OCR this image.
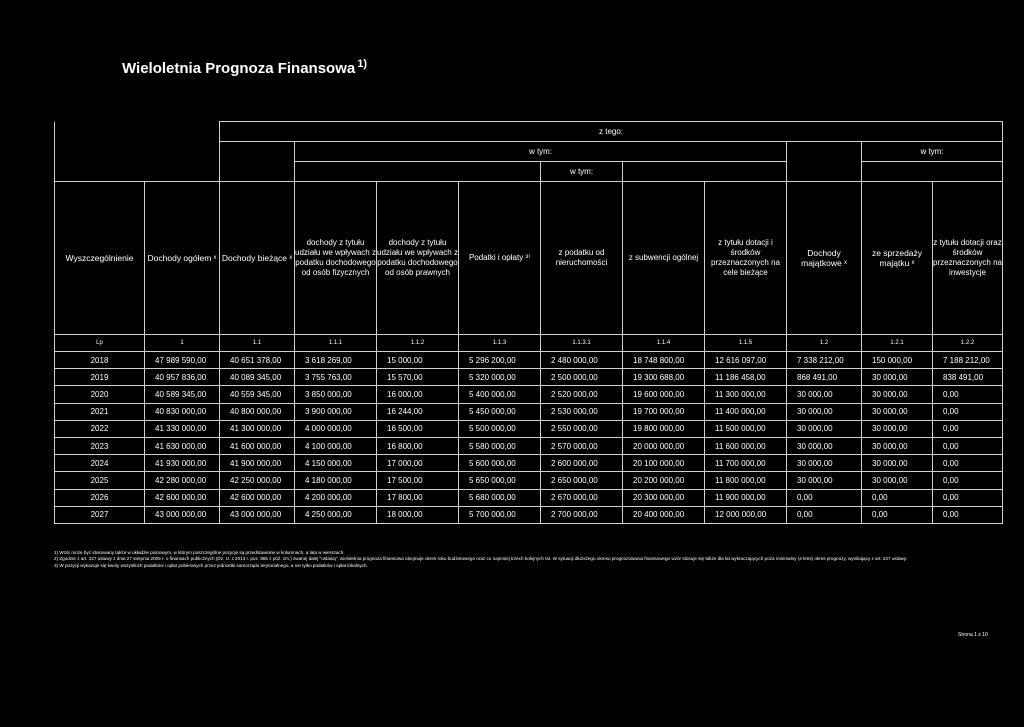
Wieloletnia Prognoza Finansowa $^{1)}$
		z tego:									
			w tym:							w tym:	
						w tym:					
Wyszczególnienie	Dochody ogółem ˣ	Dochody bieżące ˣ	dochody z tytułu udziału we wpływach z podatku dochodowego od osób fizycznych	dochody z tytułu udziału we wpływach z podatku dochodowego od osób prawnych	Podatki i opłaty ³⁾	z podatku od nieruchomości	z subwencji ogólnej	z tytułu dotacji i środków przeznaczonych na cele bieżące	Dochody majątkowe ˣ	ze sprzedaży majątku ˣ	z tytułu dotacji oraz środków przeznaczonych na inwestycje
Lp	1	1.1	1.1.1	1.1.2	1.1.3	1.1.3.1	1.1.4	1.1.5	1.2	1.2.1	1.2.2
2018	47 989 590,00	40 651 378,00	3 618 269,00	15 000,00	5 296 200,00	2 480 000,00	18 748 800,00	12 616 097,00	7 338 212,00	150 000,00	7 188 212,00
2019	40 957 836,00	40 089 345,00	3 755 763,00	15 570,00	5 320 000,00	2 500 000,00	19 300 688,00	11 186 458,00	868 491,00	30 000,00	838 491,00
2020	40 589 345,00	40 559 345,00	3 850 000,00	16 000,00	5 400 000,00	2 520 000,00	19 600 000,00	11 300 000,00	30 000,00	30 000,00	0,00
2021	40 830 000,00	40 800 000,00	3 900 000,00	16 244,00	5 450 000,00	2 530 000,00	19 700 000,00	11 400 000,00	30 000,00	30 000,00	0,00
2022	41 330 000,00	41 300 000,00	4 000 000,00	16 500,00	5 500 000,00	2 550 000,00	19 800 000,00	11 500 000,00	30 000,00	30 000,00	0,00
2023	41 630 000,00	41 600 000,00	4 100 000,00	16 800,00	5 580 000,00	2 570 000,00	20 000 000,00	11 600 000,00	30 000,00	30 000,00	0,00
2024	41 930 000,00	41 900 000,00	4 150 000,00	17 000,00	5 600 000,00	2 600 000,00	20 100 000,00	11 700 000,00	30 000,00	30 000,00	0,00
2025	42 280 000,00	42 250 000,00	4 180 000,00	17 500,00	5 650 000,00	2 650 000,00	20 200 000,00	11 800 000,00	30 000,00	30 000,00	0,00
2026	42 600 000,00	42 600 000,00	4 200 000,00	17 800,00	5 680 000,00	2 670 000,00	20 300 000,00	11 900 000,00	0,00	0,00	0,00
2027	43 000 000,00	43 000 000,00	4 250 000,00	18 000,00	5 700 000,00	2 700 000,00	20 400 000,00	12 000 000,00	0,00	0,00	0,00

1) Wzór może być stosowany także w układzie pionowym, w którym poszczególne pozycje są przedstawione w kolumnach, a lata w wierszach.

2) Zgodnie z art. 227 ustawy z dnia 27 sierpnia 2009 r. o finansach publicznych (Dz. U. z 2013 r. poz. 885 z póź. zm.) zwanej dalej "ustawą", wieloletnia prognoza finansowa obejmuje okres roku budżetowego oraz co najmniej trzech kolejnych lat. W sytuacji dłuższego okresu prognozowania finansowego wzór stosuje się także dla lat wykraczających poza minimalny (4 letni) okres prognozy, wynikający z art. 227 ustawy.

3) W pozycji wykazuje się kwoty wszystkich podatków i opłat pobieranych przez jednostki samorządu terytorialnego, a nie tylko podatków i opłat lokalnych.

Strona 1 z 10
